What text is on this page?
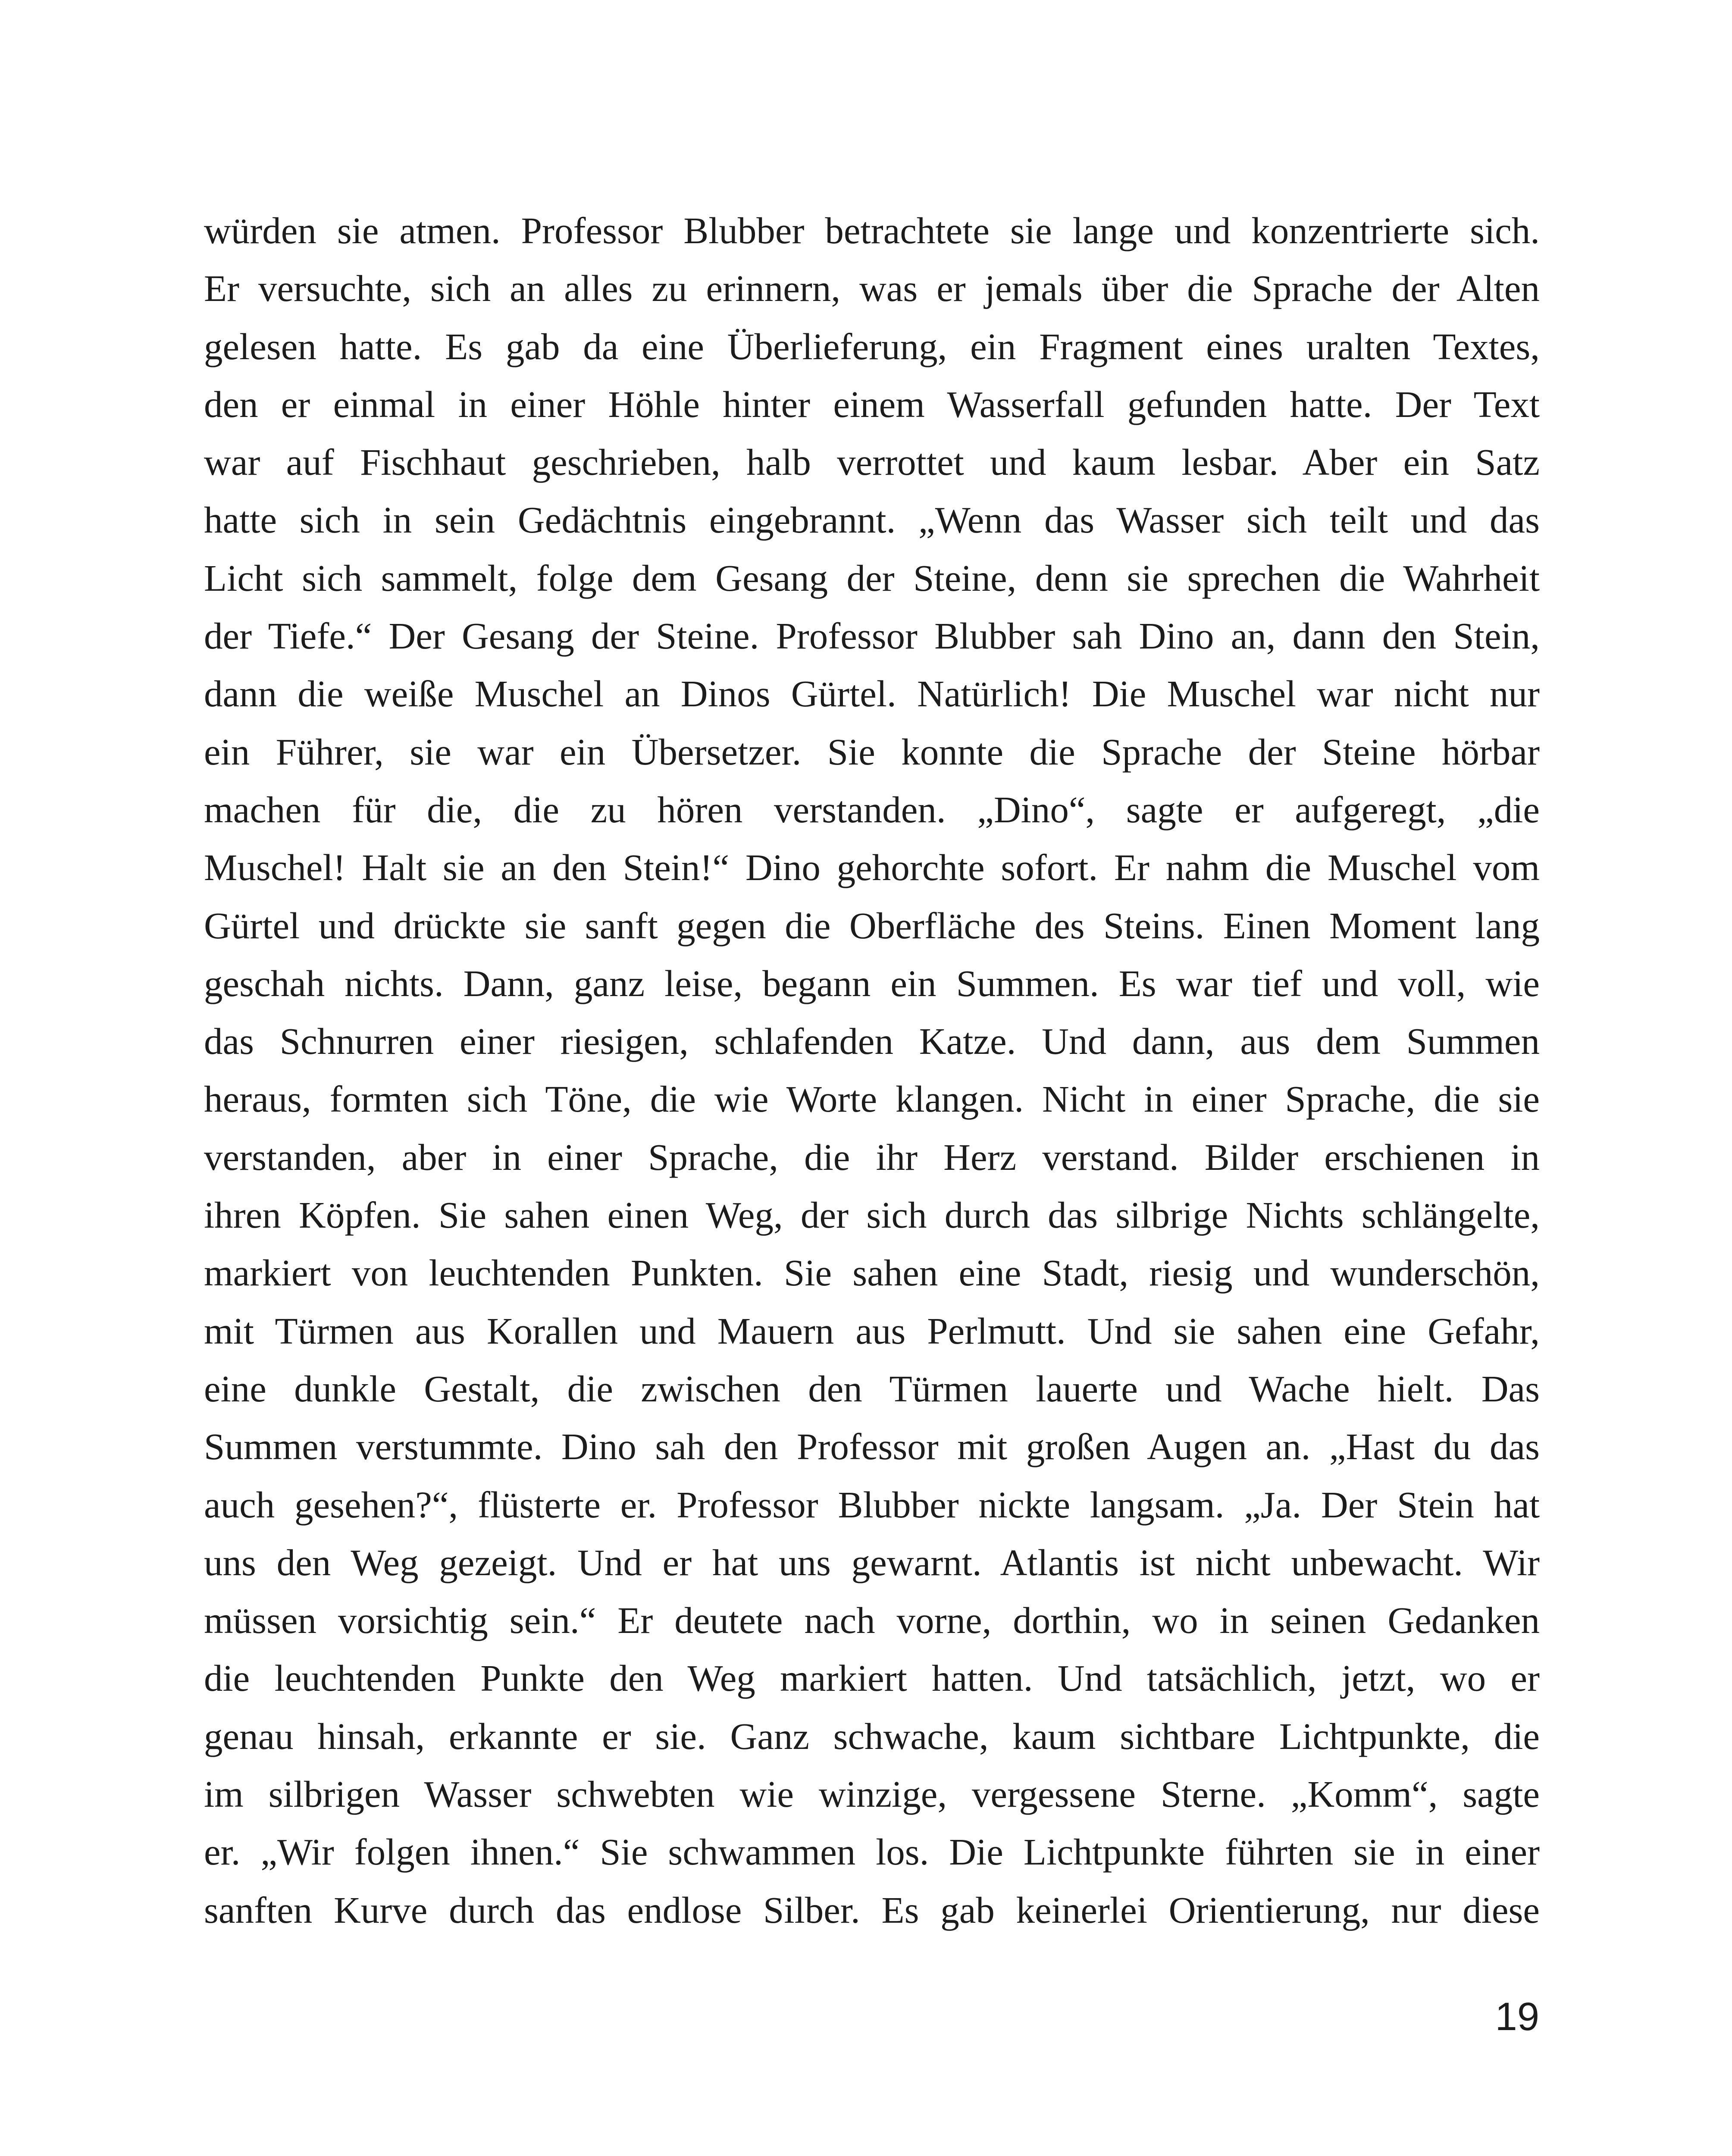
würden sie atmen. Professor Blubber betrachtete sie lange und konzentrierte sich.
Er versuchte, sich an alles zu erinnern, was er jemals über die Sprache der Alten
gelesen hatte. Es gab da eine Überlieferung, ein Fragment eines uralten Textes,
den er einmal in einer Höhle hinter einem Wasserfall gefunden hatte. Der Text
war auf Fischhaut geschrieben, halb verrottet und kaum lesbar. Aber ein Satz
hatte sich in sein Gedächtnis eingebrannt. „Wenn das Wasser sich teilt und das
Licht sich sammelt, folge dem Gesang der Steine, denn sie sprechen die Wahrheit
der Tiefe.“ Der Gesang der Steine. Professor Blubber sah Dino an, dann den Stein,
dann die weiße Muschel an Dinos Gürtel. Natürlich! Die Muschel war nicht nur
ein Führer, sie war ein Übersetzer. Sie konnte die Sprache der Steine hörbar
machen für die, die zu hören verstanden. „Dino“, sagte er aufgeregt, „die
Muschel! Halt sie an den Stein!“ Dino gehorchte sofort. Er nahm die Muschel vom
Gürtel und drückte sie sanft gegen die Oberfläche des Steins. Einen Moment lang
geschah nichts. Dann, ganz leise, begann ein Summen. Es war tief und voll, wie
das Schnurren einer riesigen, schlafenden Katze. Und dann, aus dem Summen
heraus, formten sich Töne, die wie Worte klangen. Nicht in einer Sprache, die sie
verstanden, aber in einer Sprache, die ihr Herz verstand. Bilder erschienen in
ihren Köpfen. Sie sahen einen Weg, der sich durch das silbrige Nichts schlängelte,
markiert von leuchtenden Punkten. Sie sahen eine Stadt, riesig und wunderschön,
mit Türmen aus Korallen und Mauern aus Perlmutt. Und sie sahen eine Gefahr,
eine dunkle Gestalt, die zwischen den Türmen lauerte und Wache hielt. Das
Summen verstummte. Dino sah den Professor mit großen Augen an. „Hast du das
auch gesehen?“, flüsterte er. Professor Blubber nickte langsam. „Ja. Der Stein hat
uns den Weg gezeigt. Und er hat uns gewarnt. Atlantis ist nicht unbewacht. Wir
müssen vorsichtig sein.“ Er deutete nach vorne, dorthin, wo in seinen Gedanken
die leuchtenden Punkte den Weg markiert hatten. Und tatsächlich, jetzt, wo er
genau hinsah, erkannte er sie. Ganz schwache, kaum sichtbare Lichtpunkte, die
im silbrigen Wasser schwebten wie winzige, vergessene Sterne. „Komm“, sagte
er. „Wir folgen ihnen.“ Sie schwammen los. Die Lichtpunkte führten sie in einer
sanften Kurve durch das endlose Silber. Es gab keinerlei Orientierung, nur diese
19
